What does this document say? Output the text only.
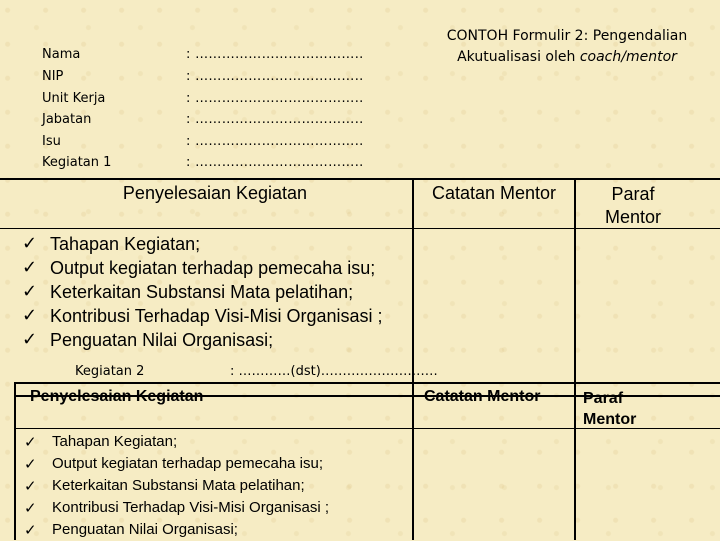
Nama	: ………………………………..
NIP	: ………………………………..
Unit Kerja	: ………………………………..
Jabatan	: ………………………………..
Isu	: ………………………………..
Kegiatan 1	: ………………………………..
CONTOH Formulir 2: Pengendalian
Akutualisasi oleh coach/mentor
Penyelesaian Kegiatan	Catatan Mentor	Paraf Mentor
✓ Tahapan Kegiatan;
✓ Output kegiatan terhadap pemecaha isu;
✓ Keterkaitan Substansi Mata pelatihan;
✓ Kontribusi Terhadap Visi-Misi Organisasi ;
✓ Penguatan Nilai Organisasi;
Kegiatan 2	: …………(dst)………………………
Penyelesaian Kegiatan	Catatan Mentor	Paraf Mentor
✓ Tahapan Kegiatan;
✓ Output kegiatan terhadap pemecaha isu;
✓ Keterkaitan Substansi Mata pelatihan;
✓ Kontribusi Terhadap Visi-Misi Organisasi ;
✓ Penguatan Nilai Organisasi;
